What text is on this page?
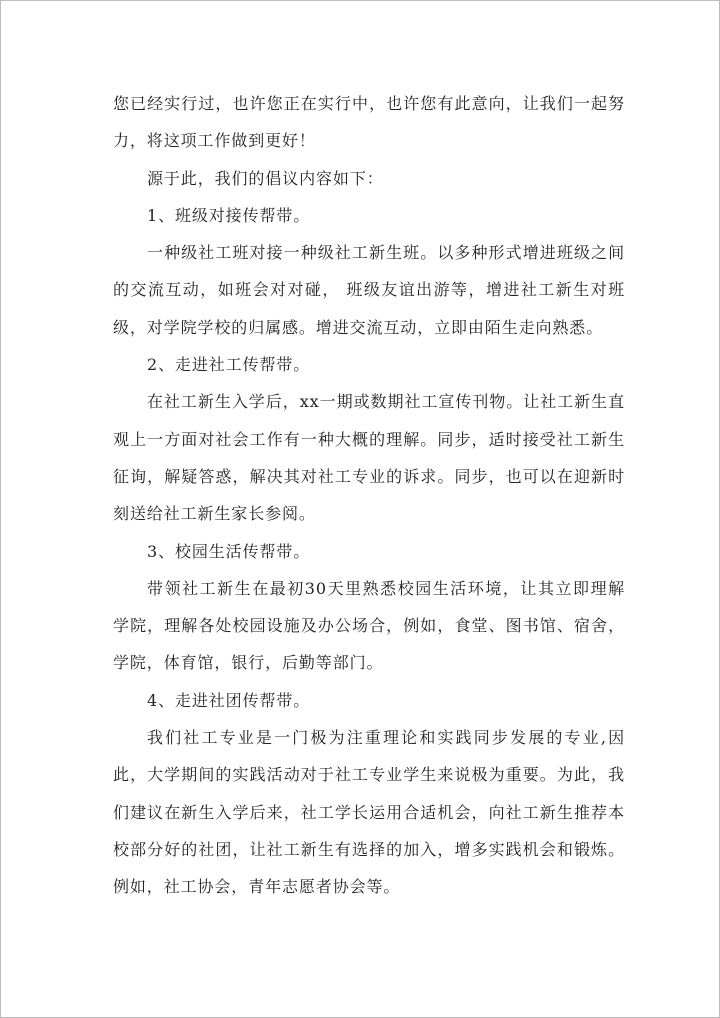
您已经实行过，也许您正在实行中，也许您有此意向，让我们一起努力，将这项工作做到更好！

源于此，我们的倡议内容如下：

1、班级对接传帮带。

一种级社工班对接一种级社工新生班。以多种形式增进班级之间的交流互动，如班会对对碰， 班级友谊出游等，增进社工新生对班级，对学院学校的归属感。增进交流互动，立即由陌生走向熟悉。

2、走进社工传帮带。

在社工新生入学后，xx一期或数期社工宣传刊物。让社工新生直观上一方面对社会工作有一种大概的理解。同步，适时接受社工新生征询，解疑答惑，解决其对社工专业的诉求。同步，也可以在迎新时刻送给社工新生家长参阅。

3、校园生活传帮带。

带领社工新生在最初30天里熟悉校园生活环境，让其立即理解学院，理解各处校园设施及办公场合，例如，食堂、图书馆、宿舍，学院，体育馆，银行，后勤等部门。

4、走进社团传帮带。

我们社工专业是一门极为注重理论和实践同步发展的专业,因此，大学期间的实践活动对于社工专业学生来说极为重要。为此，我们建议在新生入学后来，社工学长运用合适机会，向社工新生推荐本校部分好的社团，让社工新生有选择的加入，增多实践机会和锻炼。例如，社工协会，青年志愿者协会等。
